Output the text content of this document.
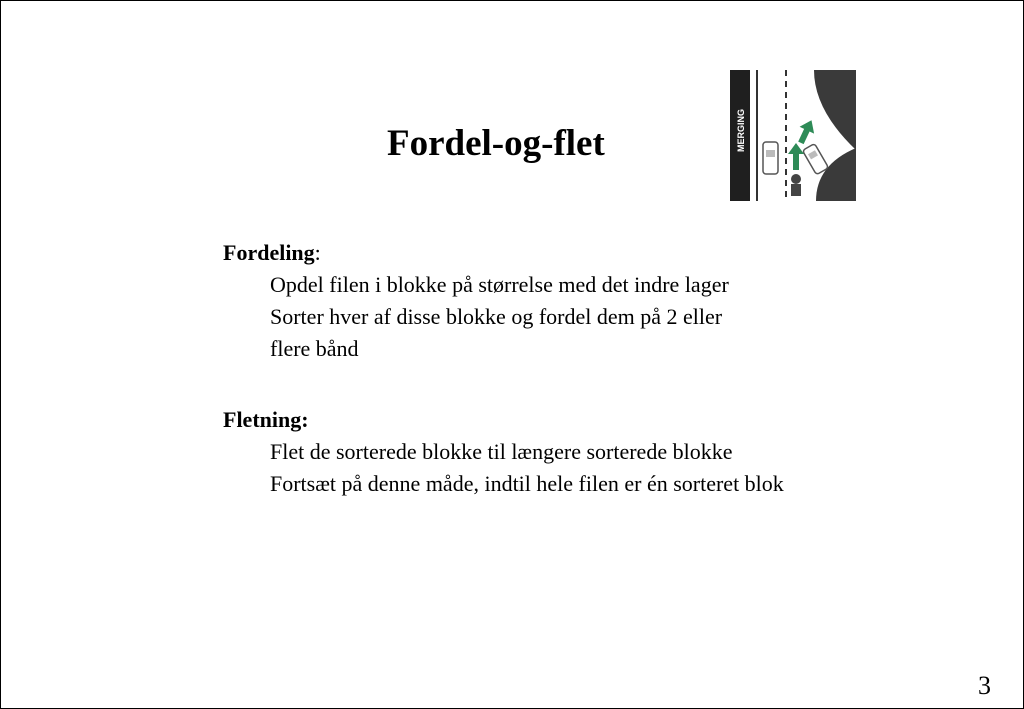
Fordel-og-flet	MERGING
Fordeling:
Opdel filen i blokke på størrelse med det indre lager
Sorter hver af disse blokke og fordel dem på 2 eller
flere bånd
Fletning:
Flet de sorterede blokke til længere sorterede blokke
Fortsæt på denne måde, indtil hele filen er én sorteret blok
3
